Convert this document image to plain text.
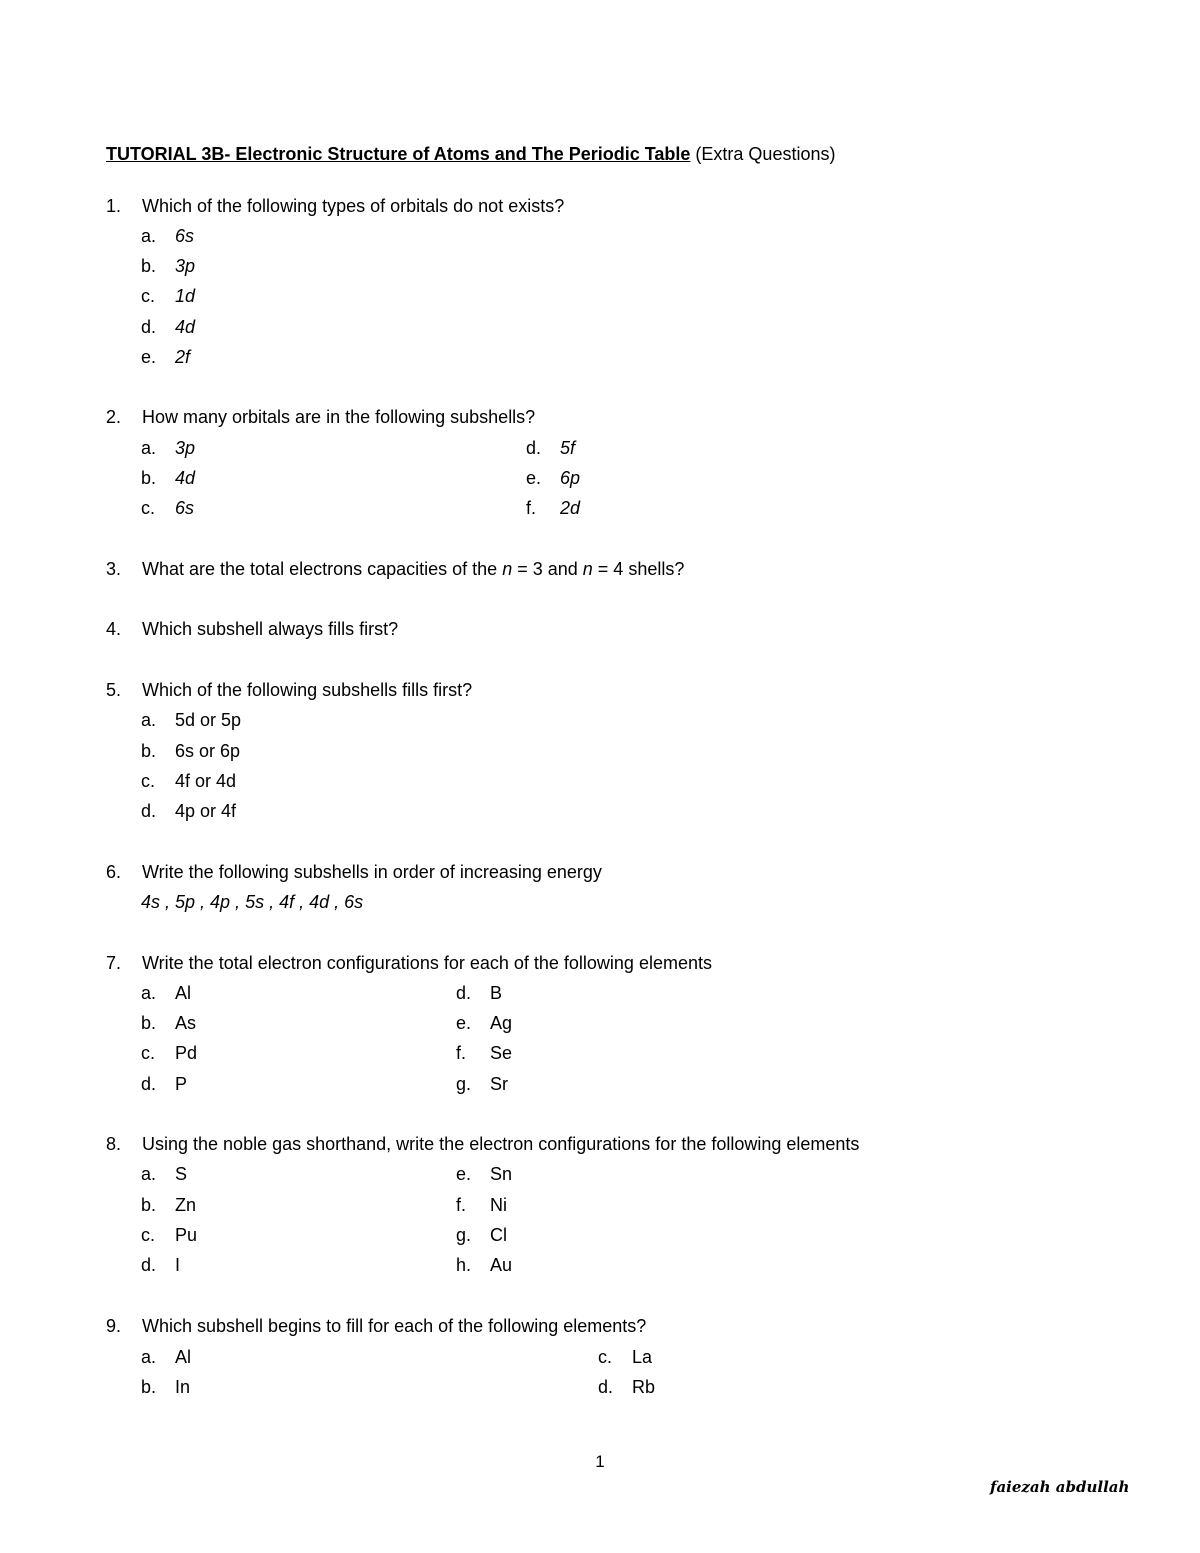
TUTORIAL 3B- Electronic Structure of Atoms and The Periodic Table (Extra Questions)
1. Which of the following types of orbitals do not exists?
a. 6s
b. 3p
c. 1d
d. 4d
e. 2f
2. How many orbitals are in the following subshells?
a. 3p
b. 4d
c. 6s
d. 5f
e. 6p
f. 2d
3. What are the total electrons capacities of the n = 3 and n = 4 shells?
4. Which subshell always fills first?
5. Which of the following subshells fills first?
a. 5d or 5p
b. 6s or 6p
c. 4f or 4d
d. 4p or 4f
6. Write the following subshells in order of increasing energy
4s , 5p , 4p , 5s , 4f , 4d , 6s
7. Write the total electron configurations for each of the following elements
a. Al
b. As
c. Pd
d. P
d. B
e. Ag
f. Se
g. Sr
8. Using the noble gas shorthand, write the electron configurations for the following elements
a. S
b. Zn
c. Pu
d. I
e. Sn
f. Ni
g. Cl
h. Au
9. Which subshell begins to fill for each of the following elements?
a. Al
b. In
c. La
d. Rb
1
faiezah abdullah
